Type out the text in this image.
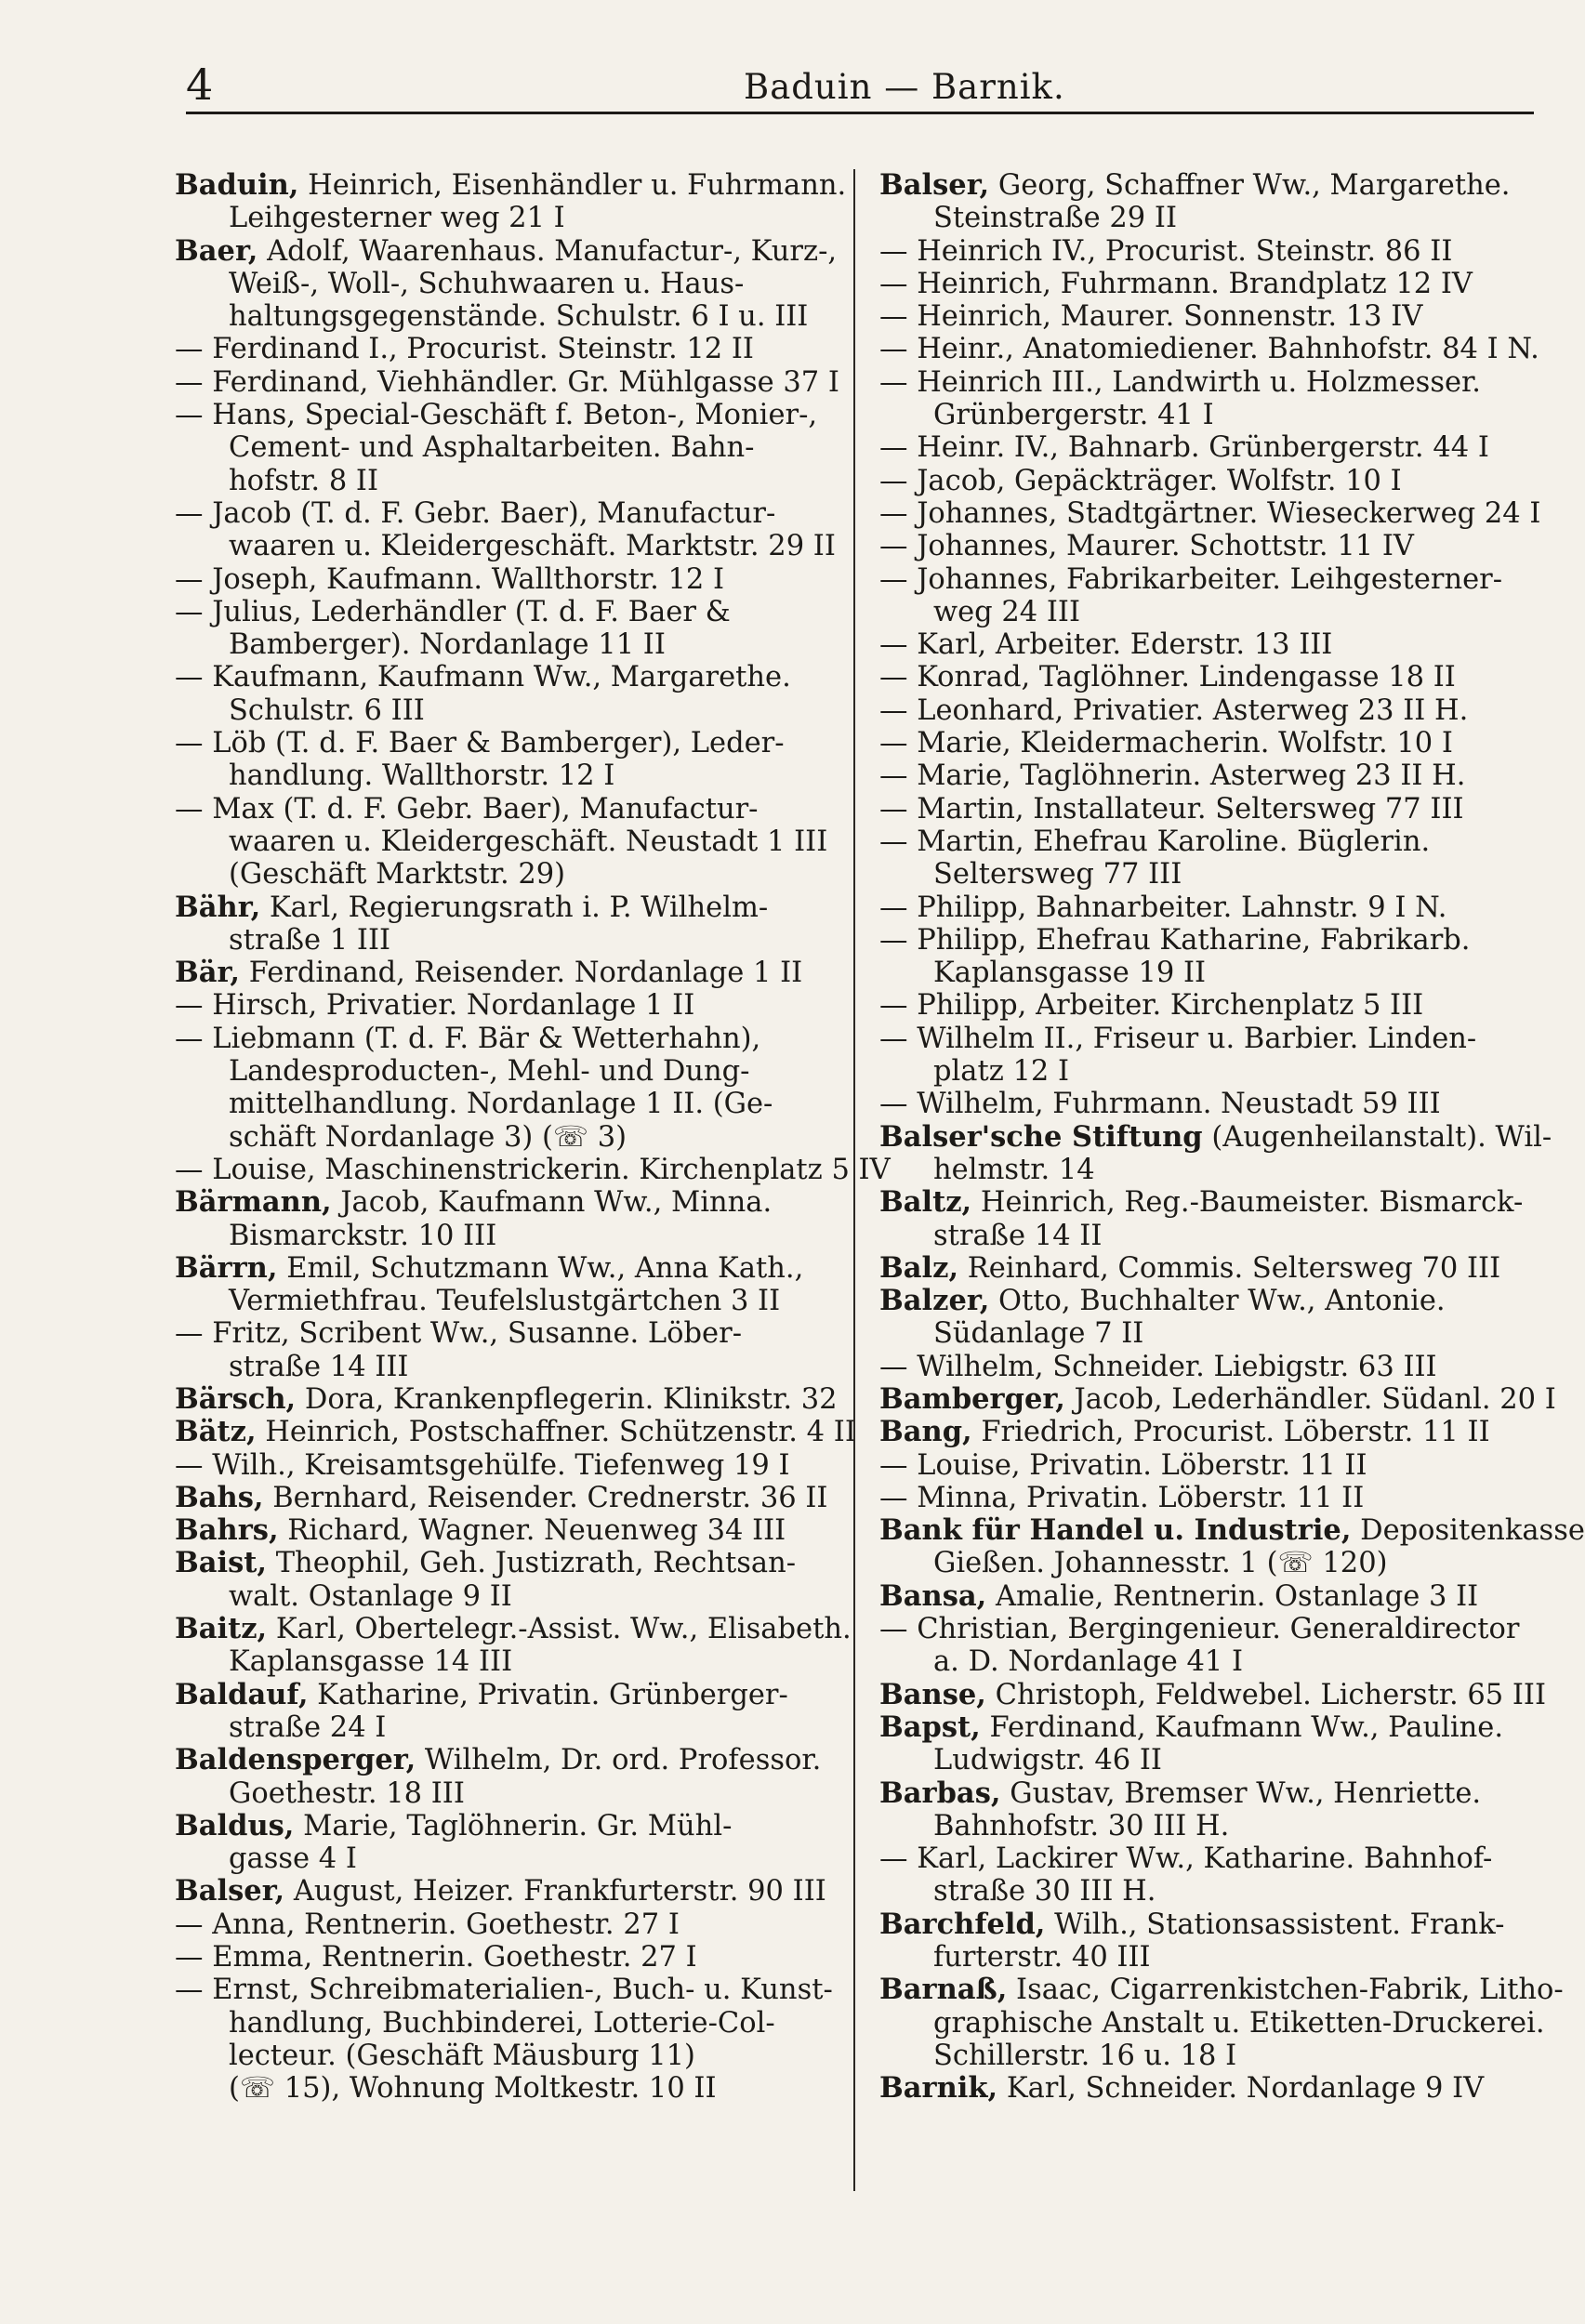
4	Baduin — Barnik.

Baduin, Heinrich, Eisenhändler u. Fuhrmann.
Leihgesterner weg 21 I

Baer, Adolf, Waarenhaus. Manufactur-, Kurz-,
Weiß-, Woll-, Schuhwaaren u. Haus-
haltungsgegenstände. Schulstr. 6 I u. III

— Ferdinand I., Procurist. Steinstr. 12 II

— Ferdinand, Viehhändler. Gr. Mühlgasse 37 I

— Hans, Special-Geschäft f. Beton-, Monier-,
Cement- und Asphaltarbeiten. Bahn-
hofstr. 8 II

— Jacob (T. d. F. Gebr. Baer), Manufactur-
waaren u. Kleidergeschäft. Marktstr. 29 II

— Joseph, Kaufmann. Wallthorstr. 12 I

— Julius, Lederhändler (T. d. F. Baer &
Bamberger). Nordanlage 11 II

— Kaufmann, Kaufmann Ww., Margarethe.
Schulstr. 6 III

— Löb (T. d. F. Baer & Bamberger), Leder-
handlung. Wallthorstr. 12 I

— Max (T. d. F. Gebr. Baer), Manufactur-
waaren u. Kleidergeschäft. Neustadt 1 III
(Geschäft Marktstr. 29)

Bähr, Karl, Regierungsrath i. P. Wilhelm-
straße 1 III

Bär, Ferdinand, Reisender. Nordanlage 1 II

— Hirsch, Privatier. Nordanlage 1 II

— Liebmann (T. d. F. Bär & Wetterhahn),
Landesproducten-, Mehl- und Dung-
mittelhandlung. Nordanlage 1 II. (Ge-
schäft Nordanlage 3) (☏ 3)

— Louise, Maschinenstrickerin. Kirchenplatz 5 IV

Bärmann, Jacob, Kaufmann Ww., Minna.
Bismarckstr. 10 III

Bärrn, Emil, Schutzmann Ww., Anna Kath.,
Vermiethfrau. Teufelslustgärtchen 3 II

— Fritz, Scribent Ww., Susanne. Löber-
straße 14 III

Bärsch, Dora, Krankenpflegerin. Klinikstr. 32

Bätz, Heinrich, Postschaffner. Schützenstr. 4 II

— Wilh., Kreisamtsgehülfe. Tiefenweg 19 I

Bahs, Bernhard, Reisender. Crednerstr. 36 II

Bahrs, Richard, Wagner. Neuenweg 34 III

Baist, Theophil, Geh. Justizrath, Rechtsan-
walt. Ostanlage 9 II

Baitz, Karl, Obertelegr.-Assist. Ww., Elisabeth.
Kaplansgasse 14 III

Baldauf, Katharine, Privatin. Grünberger-
straße 24 I

Baldensperger, Wilhelm, Dr. ord. Professor.
Goethestr. 18 III

Baldus, Marie, Taglöhnerin. Gr. Mühl-
gasse 4 I

Balser, August, Heizer. Frankfurterstr. 90 III

— Anna, Rentnerin. Goethestr. 27 I

— Emma, Rentnerin. Goethestr. 27 I

— Ernst, Schreibmaterialien-, Buch- u. Kunst-
handlung, Buchbinderei, Lotterie-Col-
lecteur. (Geschäft Mäusburg 11)
(☏ 15), Wohnung Moltkestr. 10 II

Balser, Georg, Schaffner Ww., Margarethe.
Steinstraße 29 II

— Heinrich IV., Procurist. Steinstr. 86 II

— Heinrich, Fuhrmann. Brandplatz 12 IV

— Heinrich, Maurer. Sonnenstr. 13 IV

— Heinr., Anatomiediener. Bahnhofstr. 84 I N.

— Heinrich III., Landwirth u. Holzmesser.
Grünbergerstr. 41 I

— Heinr. IV., Bahnarb. Grünbergerstr. 44 I

— Jacob, Gepäckträger. Wolfstr. 10 I

— Johannes, Stadtgärtner. Wieseckerweg 24 I

— Johannes, Maurer. Schottstr. 11 IV

— Johannes, Fabrikarbeiter. Leihgesterner-
weg 24 III

— Karl, Arbeiter. Ederstr. 13 III

— Konrad, Taglöhner. Lindengasse 18 II

— Leonhard, Privatier. Asterweg 23 II H.

— Marie, Kleidermacherin. Wolfstr. 10 I

— Marie, Taglöhnerin. Asterweg 23 II H.

— Martin, Installateur. Seltersweg 77 III

— Martin, Ehefrau Karoline. Büglerin.
Seltersweg 77 III

— Philipp, Bahnarbeiter. Lahnstr. 9 I N.

— Philipp, Ehefrau Katharine, Fabrikarb.
Kaplansgasse 19 II

— Philipp, Arbeiter. Kirchenplatz 5 III

— Wilhelm II., Friseur u. Barbier. Linden-
platz 12 I

— Wilhelm, Fuhrmann. Neustadt 59 III

Balser'sche Stiftung (Augenheilanstalt). Wil-
helmstr. 14

Baltz, Heinrich, Reg.-Baumeister. Bismarck-
straße 14 II

Balz, Reinhard, Commis. Seltersweg 70 III

Balzer, Otto, Buchhalter Ww., Antonie.
Südanlage 7 II

— Wilhelm, Schneider. Liebigstr. 63 III

Bamberger, Jacob, Lederhändler. Südanl. 20 I

Bang, Friedrich, Procurist. Löberstr. 11 II

— Louise, Privatin. Löberstr. 11 II

— Minna, Privatin. Löberstr. 11 II

Bank für Handel u. Industrie, Depositenkasse
Gießen. Johannesstr. 1 (☏ 120)

Bansa, Amalie, Rentnerin. Ostanlage 3 II

— Christian, Bergingenieur. Generaldirector
a. D. Nordanlage 41 I

Banse, Christoph, Feldwebel. Licherstr. 65 III

Bapst, Ferdinand, Kaufmann Ww., Pauline.
Ludwigstr. 46 II

Barbas, Gustav, Bremser Ww., Henriette.
Bahnhofstr. 30 III H.

— Karl, Lackirer Ww., Katharine. Bahnhof-
straße 30 III H.

Barchfeld, Wilh., Stationsassistent. Frank-
furterstr. 40 III

Barnaß, Isaac, Cigarrenkistchen-Fabrik, Litho-
graphische Anstalt u. Etiketten-Druckerei.
Schillerstr. 16 u. 18 I

Barnik, Karl, Schneider. Nordanlage 9 IV
